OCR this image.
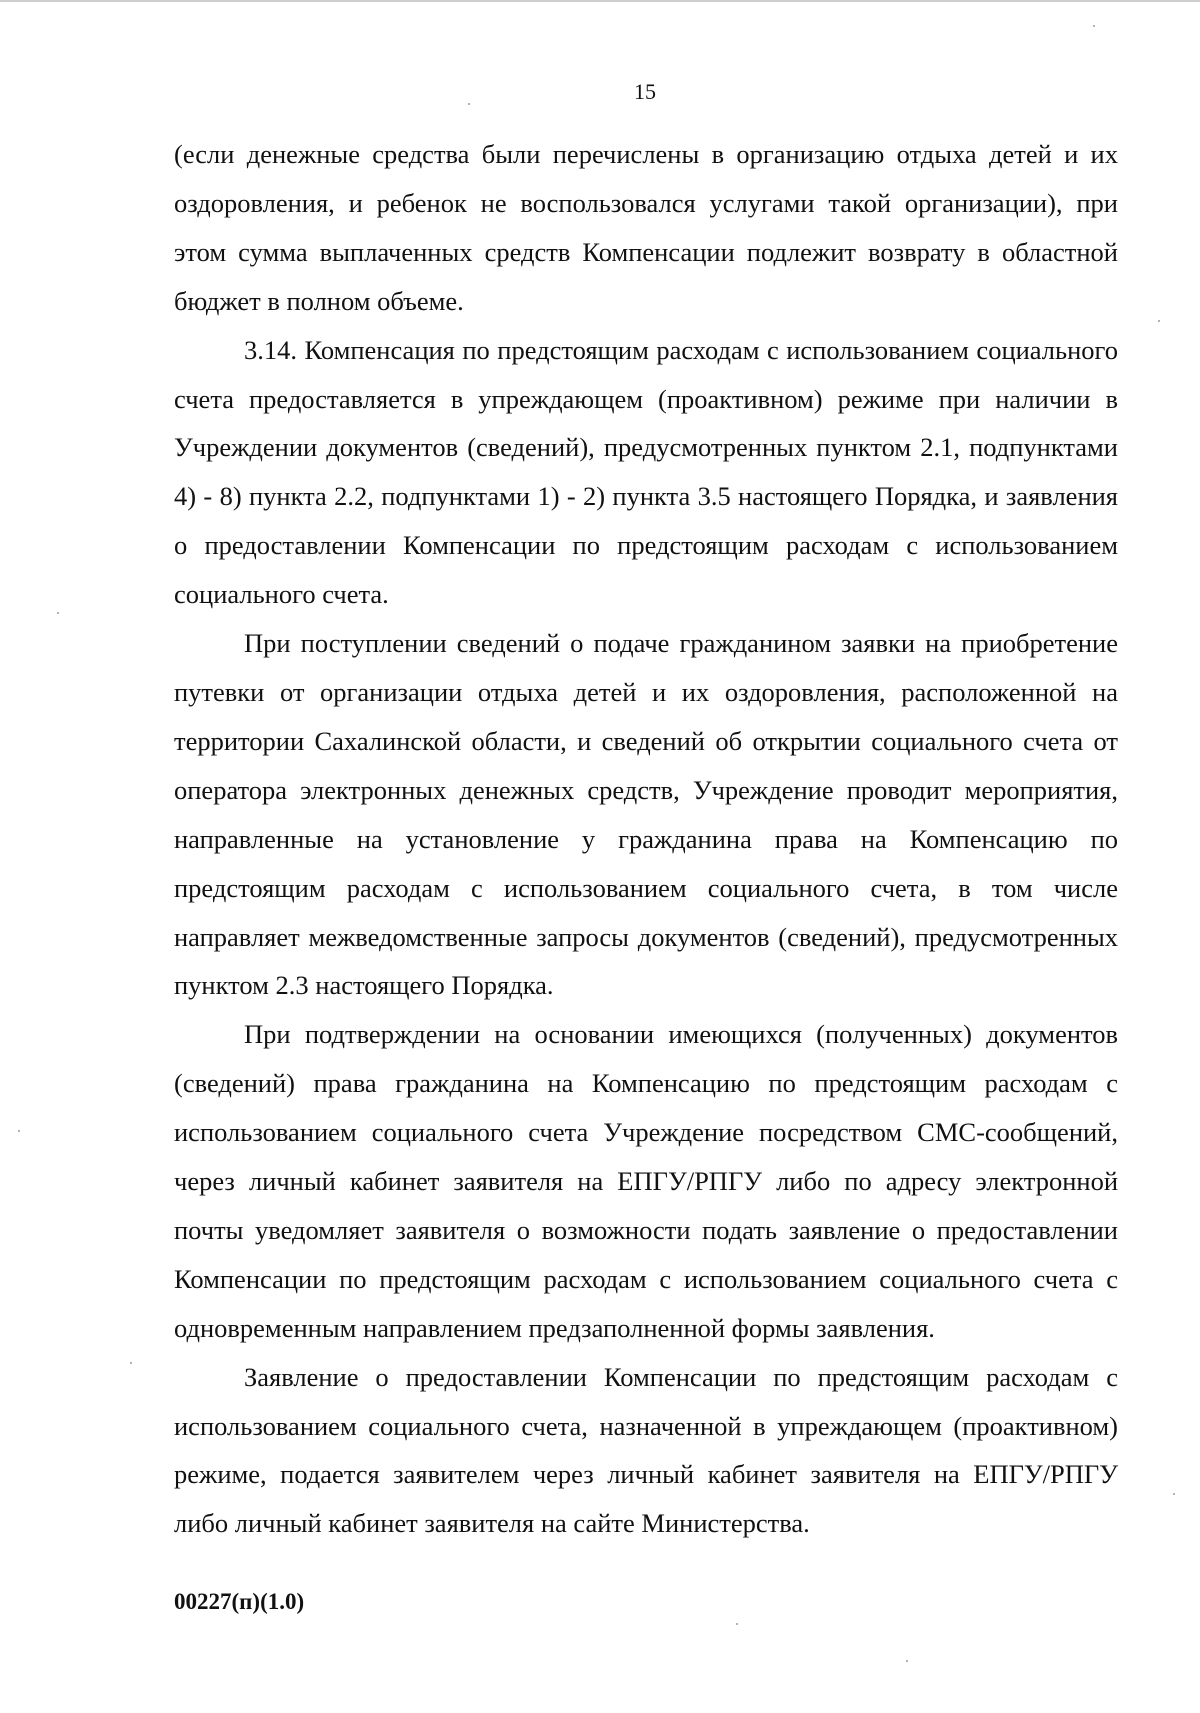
15

(если денежные средства были перечислены в организацию отдыха детей и их оздоровления, и ребенок не воспользовался услугами такой организации), при этом сумма выплаченных средств Компенсации подлежит возврату в областной бюджет в полном объеме.

3.14. Компенсация по предстоящим расходам с использованием социального счета предоставляется в упреждающем (проактивном) режиме при наличии в Учреждении документов (сведений), предусмотренных пунктом 2.1, подпунктами 4) - 8) пункта 2.2, подпунктами 1) - 2) пункта 3.5 настоящего Порядка, и заявления о предоставлении Компенсации по предстоящим расходам с использованием социального счета.

При поступлении сведений о подаче гражданином заявки на приобретение путевки от организации отдыха детей и их оздоровления, расположенной на территории Сахалинской области, и сведений об открытии социального счета от оператора электронных денежных средств, Учреждение проводит мероприятия, направленные на установление у гражданина права на Компенсацию по предстоящим расходам с использованием социального счета, в том числе направляет межведомственные запросы документов (сведений), предусмотренных пунктом 2.3 настоящего Порядка.

При подтверждении на основании имеющихся (полученных) документов (сведений) права гражданина на Компенсацию по предстоящим расходам с использованием социального счета Учреждение посредством СМС-сообщений, через личный кабинет заявителя на ЕПГУ/РПГУ либо по адресу электронной почты уведомляет заявителя о возможности подать заявление о предоставлении Компенсации по предстоящим расходам с использованием социального счета с одновременным направлением предзаполненной формы заявления.

Заявление о предоставлении Компенсации по предстоящим расходам с использованием социального счета, назначенной в упреждающем (проактивном) режиме, подается заявителем через личный кабинет заявителя на ЕПГУ/РПГУ либо личный кабинет заявителя на сайте Министерства.

00227(п)(1.0)
